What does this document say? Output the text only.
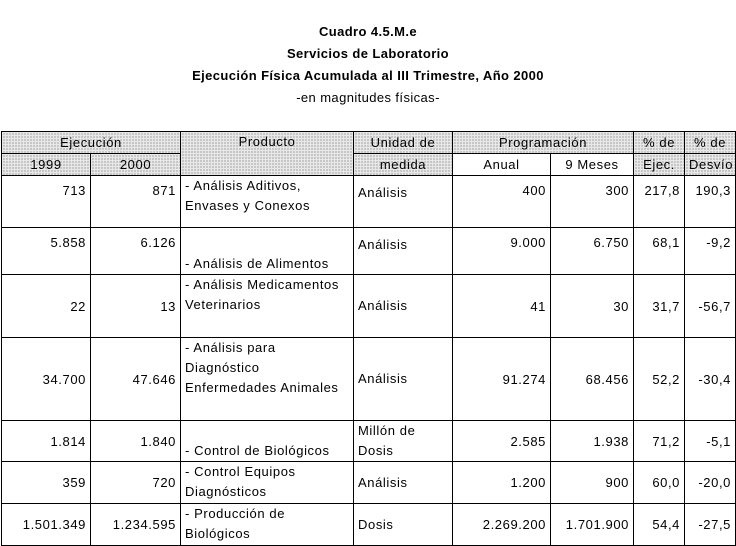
Cuadro 4.5.M.e
Servicios de Laboratorio
Ejecución Física Acumulada al III Trimestre, Año 2000
-en magnitudes físicas-
Ejecución		Producto	Unidad de	Programación		% de	% de
1999	2000		medida	Anual	9 Meses	Ejec.	Desvío
713	871	- Análisis Aditivos, Envases y Conexos	Análisis	400	300	217,8	190,3
5.858	6.126	- Análisis de Alimentos	Análisis	9.000	6.750	68,1	-9,2
22	13	- Análisis Medicamentos Veterinarios	Análisis	41	30	31,7	-56,7
34.700	47.646	- Análisis para Diagnóstico Enfermedades Animales	Análisis	91.274	68.456	52,2	-30,4
1.814	1.840	- Control de Biológicos	Millón de Dosis	2.585	1.938	71,2	-5,1
359	720	- Control Equipos Diagnósticos	Análisis	1.200	900	60,0	-20,0
1.501.349	1.234.595	- Producción de Biológicos	Dosis	2.269.200	1.701.900	54,4	-27,5
